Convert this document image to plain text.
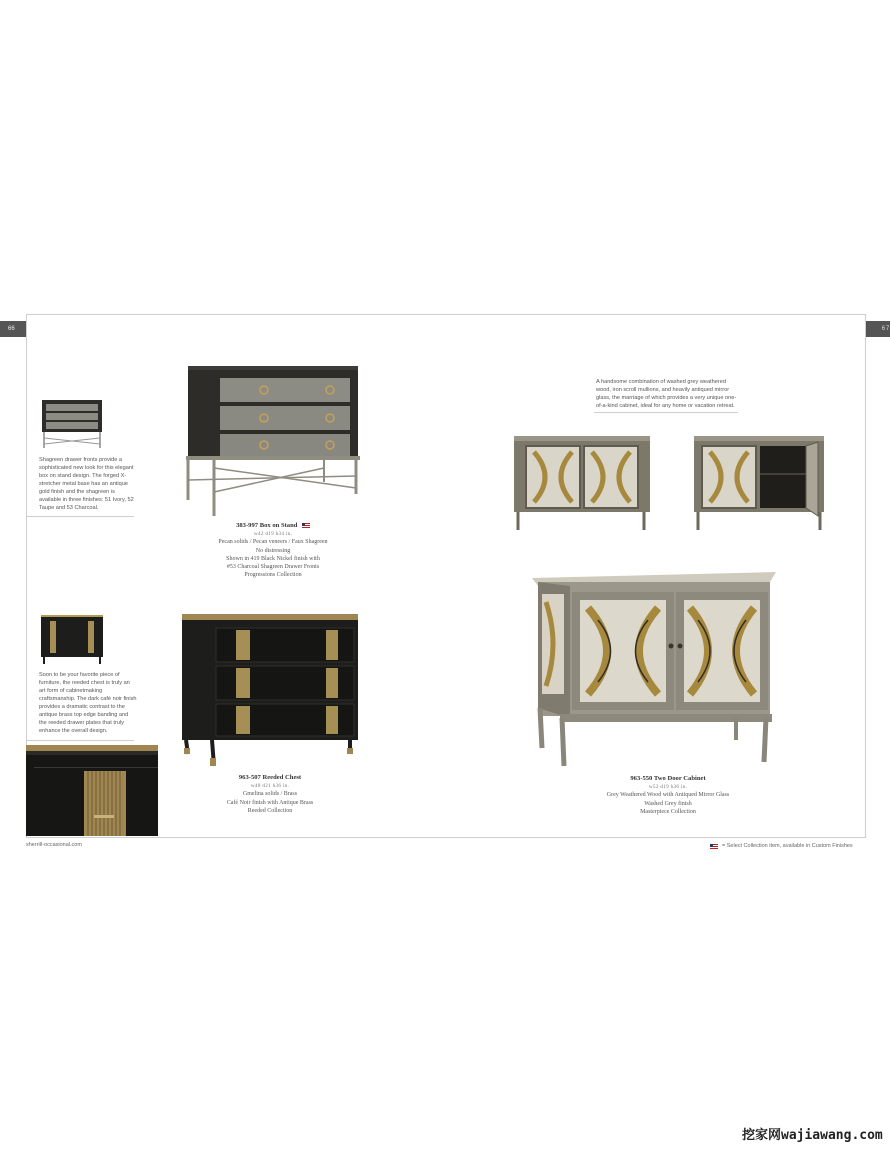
66	67
Shagreen drawer fronts provide a sophisticated new look for this elegant box on stand design. The forged X-stretcher metal base has an antique gold finish and the shagreen is available in three finishes: 51 Ivory, 52 Taupe and 53 Charcoal.
Soon to be your favorite piece of furniture, the reeded chest is truly an art form of cabinetmaking craftsmanship. The dark café noir finish provides a dramatic contrast to the antique brass top edge banding and the reeded drawer plates that truly enhance the overall design.
383-997 Box on Stand
w42 d19 h34 in.
Pecan solids / Pecan veneers / Faux Shagreen
No distressing
Shown in 419 Black Nickel finish with
#53 Charcoal Shagreen Drawer Fronts
Progressions Collection
963-507 Reeded Chest
w48 d21 h36 in.
Gmelina solids / Brass
Café Noir finish with Antique Brass
Reeded Collection
A handsome combination of washed grey weathered wood, iron scroll mullions, and heavily antiqued mirror glass, the marriage of which provides a very unique one-of-a-kind cabinet, ideal for any home or vacation retreat.
963-550 Two Door Cabinet
w52 d19 h36 in.
Grey Weathered Wood with Antiqued Mirror Glass
Washed Grey finish
Masterpiece Collection
sherrill-occasional.com	= Select Collection item, available in Custom Finishes
挖家网wajiawang.com
